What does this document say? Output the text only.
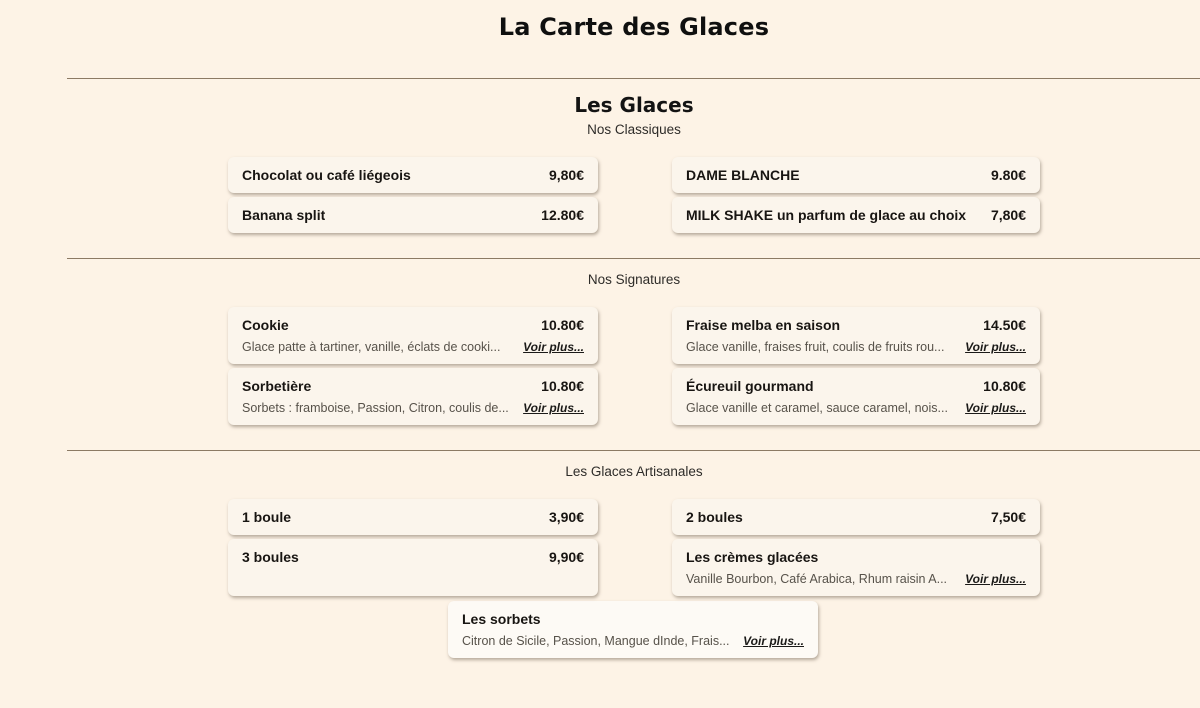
La Carte des Glaces
Les Glaces
Nos Classiques
Chocolat ou café liégeois	9,80€	DAME BLANCHE	9.80€
Banana split	12.80€	MILK SHAKE un parfum de glace au choix 7,80€
Nos Signatures
Cookie	10.80€
Glace patte à tartiner, vanille, éclats de cooki... Voir plus...
Fraise melba en saison	14.50€
Glace vanille, fraises fruit, coulis de fruits rou... Voir plus...
Sorbetière	10.80€
Sorbets : framboise, Passion, Citron, coulis de... Voir plus...
Écureuil gourmand	10.80€
Glace vanille et caramel, sauce caramel, nois... Voir plus...
Les Glaces Artisanales
1 boule	3,90€	2 boules	7,50€
3 boules	9,90€	Les crèmes glacées
Vanille Bourbon, Café Arabica, Rhum raisin A... Voir plus...
Les sorbets
Citron de Sicile, Passion, Mangue dInde, Frais... Voir plus...
